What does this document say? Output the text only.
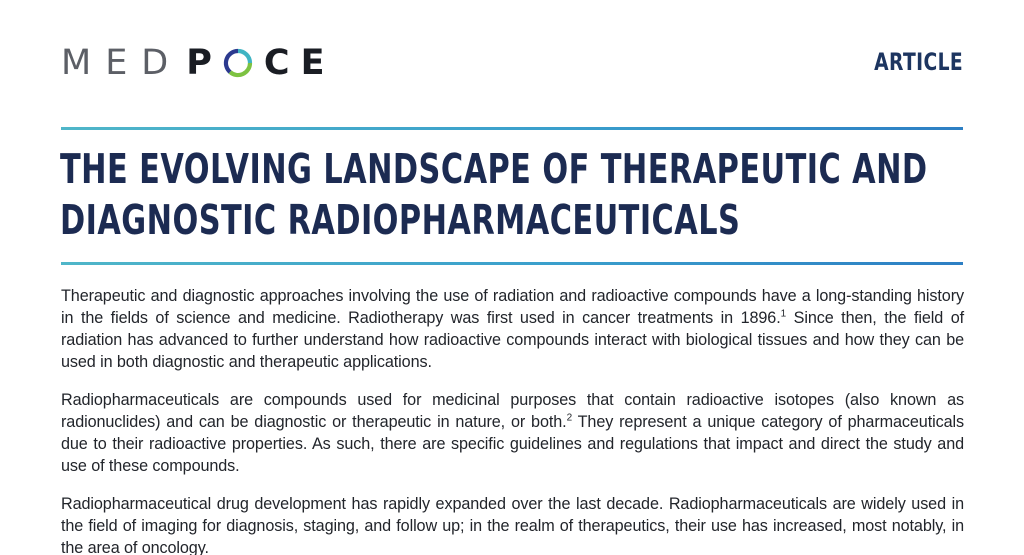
MED P CE	ARTICLE
THE EVOLVING LANDSCAPE OF THERAPEUTIC AND
DIAGNOSTIC RADIOPHARMACEUTICALS

Therapeutic and diagnostic approaches involving the use of radiation and radioactive compounds have a long-standing history in the fields of science and medicine. Radiotherapy was first used in cancer treatments in 1896.$^1$ Since then, the field of radiation has advanced to further understand how radioactive compounds interact with biological tissues and how they can be used in both diagnostic and therapeutic applications.

Radiopharmaceuticals are compounds used for medicinal purposes that contain radioactive isotopes (also known as radionuclides) and can be diagnostic or therapeutic in nature, or both.$^2$ They represent a unique category of pharmaceuticals due to their radioactive properties. As such, there are specific guidelines and regulations that impact and direct the study and use of these compounds.

Radiopharmaceutical drug development has rapidly expanded over the last decade. Radiopharmaceuticals are widely used in the field of imaging for diagnosis, staging, and follow up; in the realm of therapeutics, their use has increased, most notably, in the area of oncology.
